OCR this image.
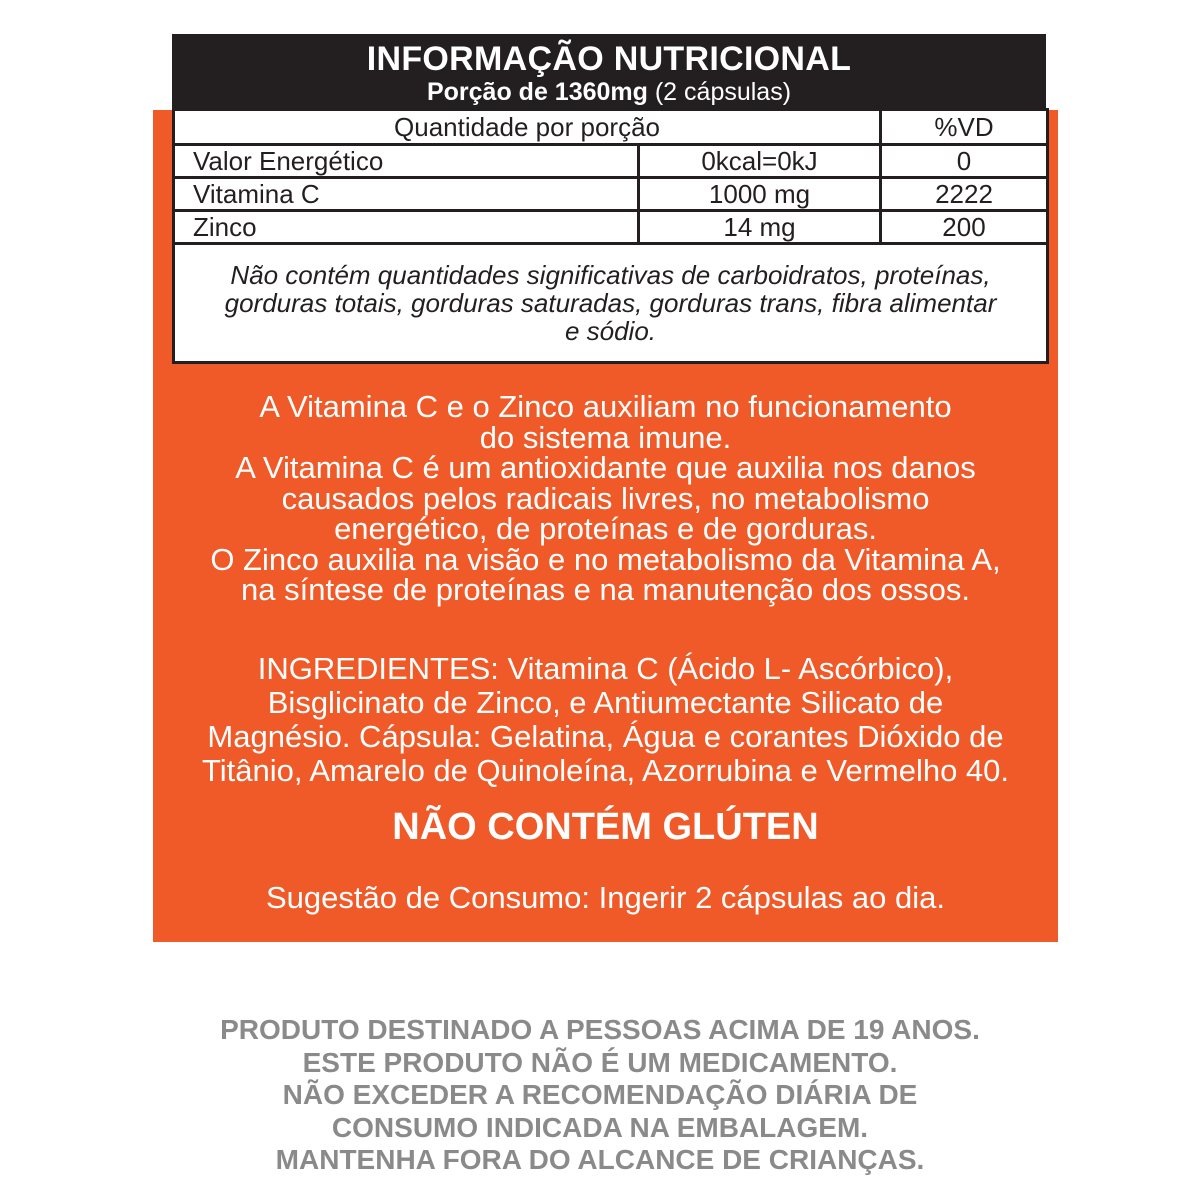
INFORMAÇÃO NUTRICIONAL
Porção de 1360mg (2 cápsulas)
Quantidade por porção		%VD
Valor Energético	0kcal=0kJ	0
Vitamina C	1000 mg	2222
Zinco	14 mg	200
Não contém quantidades significativas de carboidratos, proteínas, gorduras totais, gorduras saturadas, gorduras trans, fibra alimentar e sódio.		

A Vitamina C e o Zinco auxiliam no funcionamento

do sistema imune.

A Vitamina C é um antioxidante que auxilia nos danos

causados pelos radicais livres, no metabolismo

energético, de proteínas e de gorduras.

O Zinco auxilia na visão e no metabolismo da Vitamina A,

na síntese de proteínas e na manutenção dos ossos.

INGREDIENTES: Vitamina C (Ácido L- Ascórbico),

Bisglicinato de Zinco, e Antiumectante Silicato de

Magnésio. Cápsula: Gelatina, Água e corantes Dióxido de

Titânio, Amarelo de Quinoleína, Azorrubina e Vermelho 40.

NÃO CONTÉM GLÚTEN
Sugestão de Consumo: Ingerir 2 cápsulas ao dia.

PRODUTO DESTINADO A PESSOAS ACIMA DE 19 ANOS.

ESTE PRODUTO NÃO É UM MEDICAMENTO.

NÃO EXCEDER A RECOMENDAÇÃO DIÁRIA DE

CONSUMO INDICADA NA EMBALAGEM.

MANTENHA FORA DO ALCANCE DE CRIANÇAS.
